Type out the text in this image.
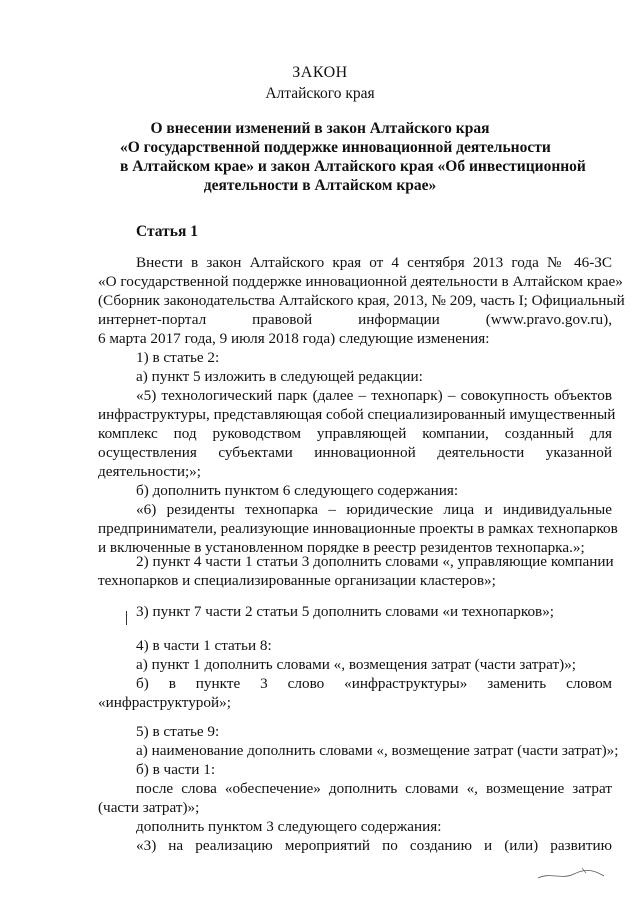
ЗАКОН
Алтайского края
О внесении изменений в закон Алтайского края
«О государственной поддержке инновационной деятельности
в Алтайском крае» и закон Алтайского края «Об инвестиционной
деятельности в Алтайском крае»
Статья 1
Внести в закон Алтайского края от 4 сентября 2013 года № 46-ЗС
«О государственной поддержке инновационной деятельности в Алтайском крае»
(Сборник законодательства Алтайского края, 2013, № 209, часть I; Официальный
интернет-портал правовой информации (www.pravo.gov.ru),
6 марта 2017 года, 9 июля 2018 года) следующие изменения:
1) в статье 2:
а) пункт 5 изложить в следующей редакции:
«5) технологический парк (далее – технопарк) – совокупность объектов
инфраструктуры, представляющая собой специализированный имущественный
комплекс под руководством управляющей компании, созданный для
осуществления субъектами инновационной деятельности указанной
деятельности;»;
б) дополнить пунктом 6 следующего содержания:
«6) резиденты технопарка – юридические лица и индивидуальные
предприниматели, реализующие инновационные проекты в рамках технопарков
и включенные в установленном порядке в реестр резидентов технопарка.»;
2) пункт 4 части 1 статьи 3 дополнить словами «, управляющие компании
технопарков и специализированные организации кластеров»;
3) пункт 7 части 2 статьи 5 дополнить словами «и технопарков»;
4) в части 1 статьи 8:
а) пункт 1 дополнить словами «, возмещения затрат (части затрат)»;
б) в пункте 3 слово «инфраструктуры» заменить словом
«инфраструктурой»;
5) в статье 9:
а) наименование дополнить словами «, возмещение затрат (части затрат)»;
б) в части 1:
после слова «обеспечение» дополнить словами «, возмещение затрат
(части затрат)»;
дополнить пунктом 3 следующего содержания:
«3) на реализацию мероприятий по созданию и (или) развитию
